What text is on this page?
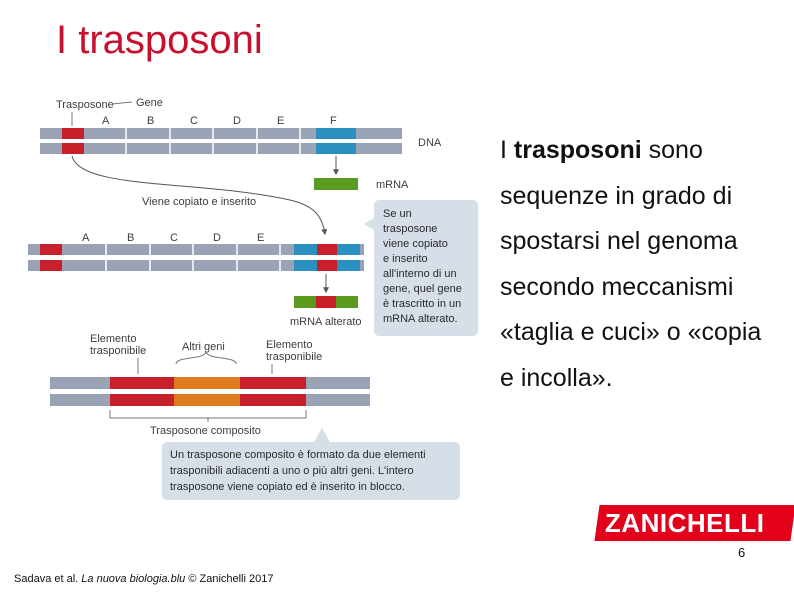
I trasposoni
Trasposone Gene
A	B	C	D	E	F
DNA
mRNA
Viene copiato e inserito
Se un
trasposone
viene copiato
e inserito
all'interno di un
gene, quel gene
è trascritto in un
mRNA alterato.
A	B	C	D	E
mRNA alterato
Elemento
trasponibile	Altri geni	Elemento
trasponibile
Trasposone composito
Un trasposone composito è formato da due elementi
trasponibili adiacenti a uno o più altri geni. L'intero
trasposone viene copiato ed è inserito in blocco.
I trasposoni sono sequenze in grado di spostarsi nel genoma secondo meccanismi «taglia e cuci» o «copia e incolla».
ZANICHELLI
6
Sadava et al. La nuova biologia.blu © Zanichelli 2017
